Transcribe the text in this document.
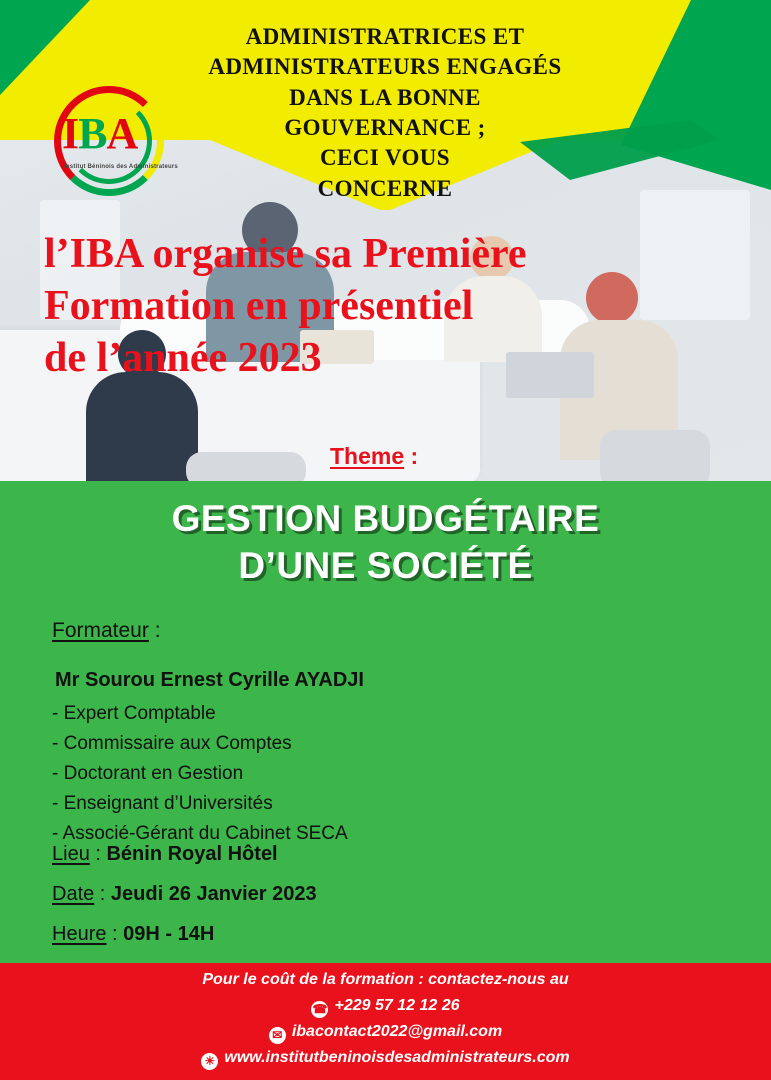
ADMINISTRATRICES ET
ADMINISTRATEURS ENGAGÉS
DANS LA BONNE
GOUVERNANCE ;
CECI VOUS
CONCERNE
IBA
Institut Béninois des Administrateurs
l’IBA organise sa Première
Formation en présentiel
de l’année 2023
Theme :
GESTION BUDGÉTAIRE
D’UNE SOCIÉTÉ
Formateur :
Mr Sourou Ernest Cyrille AYADJI
- Expert Comptable
- Commissaire aux Comptes
- Doctorant en Gestion
- Enseignant d’Universités
- Associé-Gérant du Cabinet SECA
Lieu : Bénin Royal Hôtel
Date : Jeudi 26 Janvier 2023
Heure : 09H - 14H
Pour le coût de la formation : contactez-nous au
☎ +229 57 12 12 26
✉ ibacontact2022@gmail.com
☀ www.institutbeninoisdesadministrateurs.com
